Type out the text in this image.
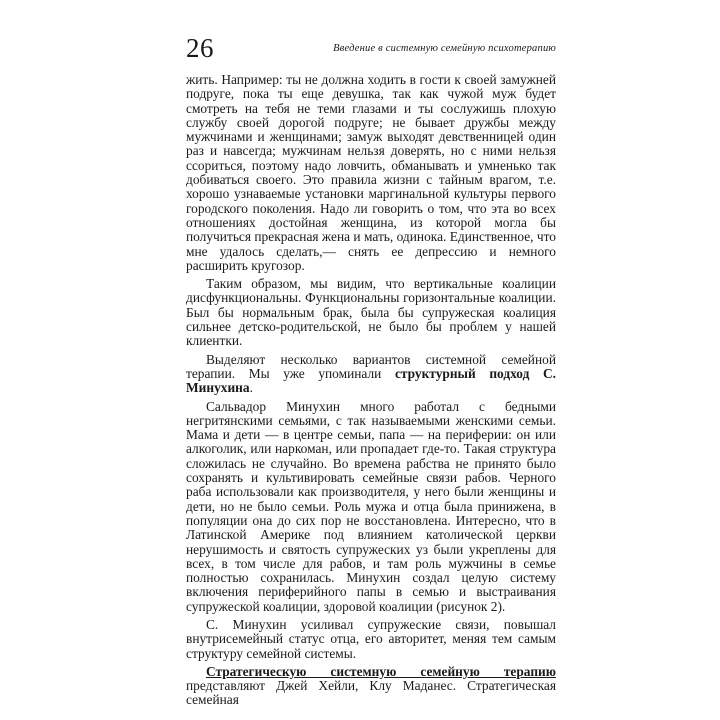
26	Введение в системную семейную психотерапию

жить. Например: ты не должна ходить в гости к своей замужней подруге, пока ты еще девушка, так как чужой муж будет смотреть на тебя не теми глазами и ты сослужишь плохую службу своей дорогой подруге; не бывает дружбы между мужчинами и женщинами; замуж выходят девственницей один раз и навсегда; мужчинам нельзя доверять, но с ними нельзя ссориться, поэтому надо ловчить, обманывать и умненько так добиваться своего. Это правила жизни с тайным врагом, т.е. хорошо узнаваемые установки маргинальной культуры первого городского поколения. Надо ли говорить о том, что эта во всех отношениях достойная женщина, из которой могла бы получиться прекрасная жена и мать, одинока. Единственное, что мне удалось сделать,— снять ее депрессию и немного расширить кругозор.

Таким образом, мы видим, что вертикальные коалиции дисфункциональны. Функциональны горизонтальные коалиции. Был бы нормальным брак, была бы супружеская коалиция сильнее детско-родительской, не было бы проблем у нашей клиентки.

Выделяют несколько вариантов системной семейной терапии. Мы уже упоминали структурный подход С. Минухина.

Сальвадор Минухин много работал с бедными негритянскими семьями, с так называемыми женскими семьи. Мама и дети — в центре семьи, папа — на периферии: он или алкоголик, или наркоман, или пропадает где-то. Такая структура сложилась не случайно. Во времена рабства не принято было сохранять и культивировать семейные связи рабов. Черного раба использовали как производителя, у него были женщины и дети, но не было семьи. Роль мужа и отца была принижена, в популяции она до сих пор не восстановлена. Интересно, что в Латинской Америке под влиянием католической церкви нерушимость и святость супружеских уз были укреплены для всех, в том числе для рабов, и там роль мужчины в семье полностью сохранилась. Минухин создал целую систему включения периферийного папы в семью и выстраивания супружеской коалиции, здоровой коалиции (рисунок 2).

С. Минухин усиливал супружеские связи, повышал внутрисемейный статус отца, его авторитет, меняя тем самым структуру семейной системы.

Стратегическую системную семейную терапию представляют Джей Хейли, Клу Маданес. Стратегическая семейная
